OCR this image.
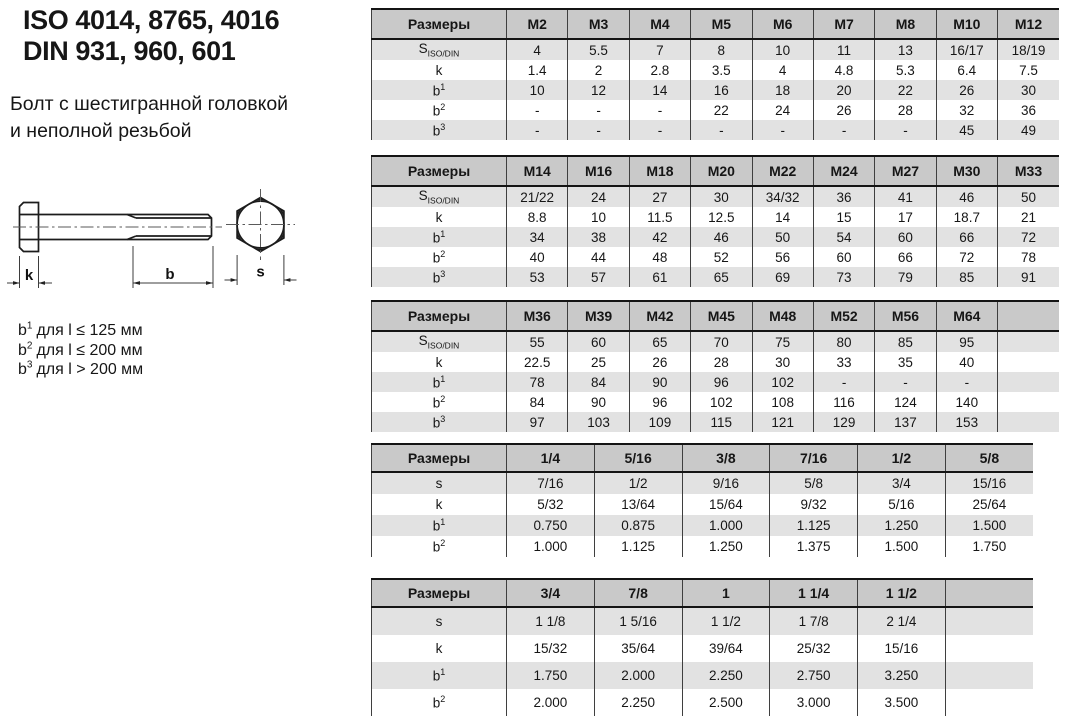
ISO 4014, 8765, 4016
DIN 931, 960, 601
Болт с шестигранной головкой
и неполной резьбой
k	b	s
$b^1$ для l ≤ 125 мм
$b^2$ для l ≤ 200 мм
$b^3$ для l > 200 мм
Размеры	M2	M3	M4	M5	M6	M7	M8	M10	M12
$S_{ISO/DIN}$	4	5.5	7	8	10	11	13	16/17	18/19
k	1.4	2	2.8	3.5	4	4.8	5.3	6.4	7.5
$b^1$	10	12	14	16	18	20	22	26	30
$b^2$	-	-	-	22	24	26	28	32	36
$b^3$	-	-	-	-	-	-	-	45	49
Размеры	M14	M16	M18	M20	M22	M24	M27	M30	M33
$S_{ISO/DIN}$	21/22	24	27	30	34/32	36	41	46	50
k	8.8	10	11.5	12.5	14	15	17	18.7	21
$b^1$	34	38	42	46	50	54	60	66	72
$b^2$	40	44	48	52	56	60	66	72	78
$b^3$	53	57	61	65	69	73	79	85	91
Размеры	M36	M39	M42	M45	M48	M52	M56	M64	
$S_{ISO/DIN}$	55	60	65	70	75	80	85	95	
k	22.5	25	26	28	30	33	35	40	
$b^1$	78	84	90	96	102	-	-	-	
$b^2$	84	90	96	102	108	116	124	140	
$b^3$	97	103	109	115	121	129	137	153	
Размеры	1/4	5/16	3/8	7/16	1/2	5/8
s	7/16	1/2	9/16	5/8	3/4	15/16
k	5/32	13/64	15/64	9/32	5/16	25/64
$b^1$	0.750	0.875	1.000	1.125	1.250	1.500
$b^2$	1.000	1.125	1.250	1.375	1.500	1.750
Размеры	3/4	7/8	1	1 1/4	1 1/2	
s	1 1/8	1 5/16	1 1/2	1 7/8	2 1/4	
k	15/32	35/64	39/64	25/32	15/16	
$b^1$	1.750	2.000	2.250	2.750	3.250	
$b^2$	2.000	2.250	2.500	3.000	3.500	
